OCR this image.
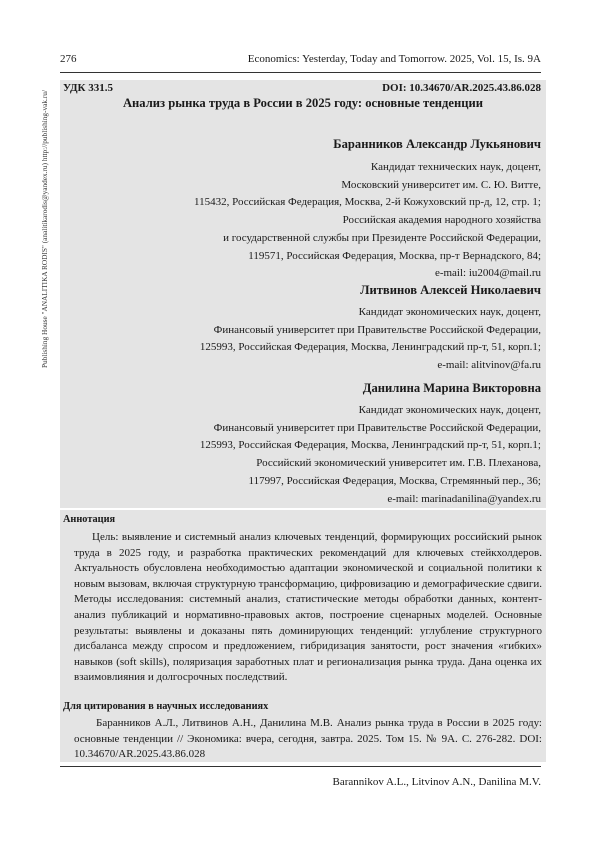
276	Economics: Yesterday, Today and Tomorrow. 2025, Vol. 15, Is. 9A
Publishing House "ANALITIKA RODIS" (analitikarodis@yandex.ru) http://publishing-vak.ru/
УДК 331.5	DOI: 10.34670/AR.2025.43.86.028
Анализ рынка труда в России в 2025 году: основные тенденции
Баранников Александр Лукьянович
Кандидат технических наук, доцент,
Московский университет им. С. Ю. Витте,
115432, Российская Федерация, Москва, 2-й Кожуховский пр-д, 12, стр. 1;
Российская академия народного хозяйства
и государственной службы при Президенте Российской Федерации,
119571, Российская Федерация, Москва, пр-т Вернадского, 84;
e-mail: iu2004@mail.ru
Литвинов Алексей Николаевич
Кандидат экономических наук, доцент,
Финансовый университет при Правительстве Российской Федерации,
125993, Российская Федерация, Москва, Ленинградский пр-т, 51, корп.1;
e-mail: alitvinov@fa.ru
Данилина Марина Викторовна
Кандидат экономических наук, доцент,
Финансовый университет при Правительстве Российской Федерации,
125993, Российская Федерация, Москва, Ленинградский пр-т, 51, корп.1;
Российский экономический университет им. Г.В. Плеханова,
117997, Российская Федерация, Москва, Стремянный пер., 36;
e-mail: marinadanilina@yandex.ru
Аннотация

Цель: выявление и системный анализ ключевых тенденций, формирующих российский рынок труда в 2025 году, и разработка практических рекомендаций для ключевых стейкхолдеров. Актуальность обусловлена необходимостью адаптации экономической и социальной политики к новым вызовам, включая структурную трансформацию, цифровизацию и демографические сдвиги. Методы исследования: системный анализ, статистические методы обработки данных, контент-анализ публикаций и нормативно-правовых актов, построение сценарных моделей. Основные результаты: выявлены и доказаны пять доминирующих тенденций: углубление структурного дисбаланса между спросом и предложением, гибридизация занятости, рост значения «гибких» навыков (soft skills), поляризация заработных плат и регионализация рынка труда. Дана оценка их взаимовлияния и долгосрочных последствий.

Для цитирования в научных исследованиях

Баранников А.Л., Литвинов А.Н., Данилина М.В. Анализ рынка труда в России в 2025 году: основные тенденции // Экономика: вчера, сегодня, завтра. 2025. Том 15. № 9А. С. 276-282. DOI: 10.34670/AR.2025.43.86.028

Barannikov A.L., Litvinov A.N., Danilina M.V.
